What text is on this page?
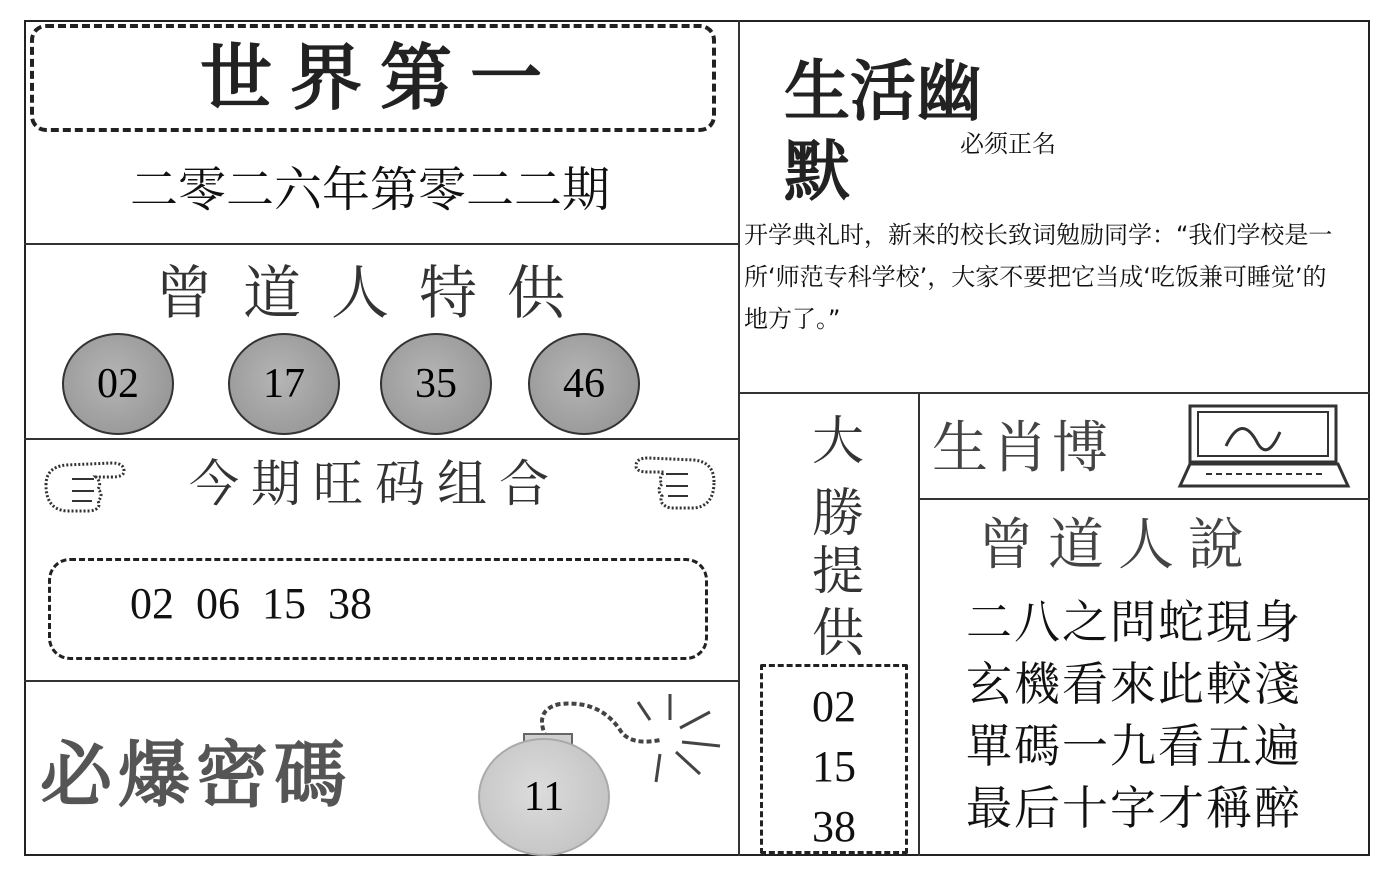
世界第一
二零二六年第零二二期
曾道人特供
02	17	35	46
今期旺码组合
02  06  15  38
必爆密碼	11
生活幽默	必须正名
开学典礼时，新来的校长致词勉励同学：“我们学校是一所‘师范专科学校’，大家不要把它当成‘吃饭兼可睡觉’的地方了。”
大
勝
提
供
02
15
38
生肖博
曾道人說
二八之問蛇現身
玄機看來此較淺
單碼一九看五遍
最后十字才稱醉
